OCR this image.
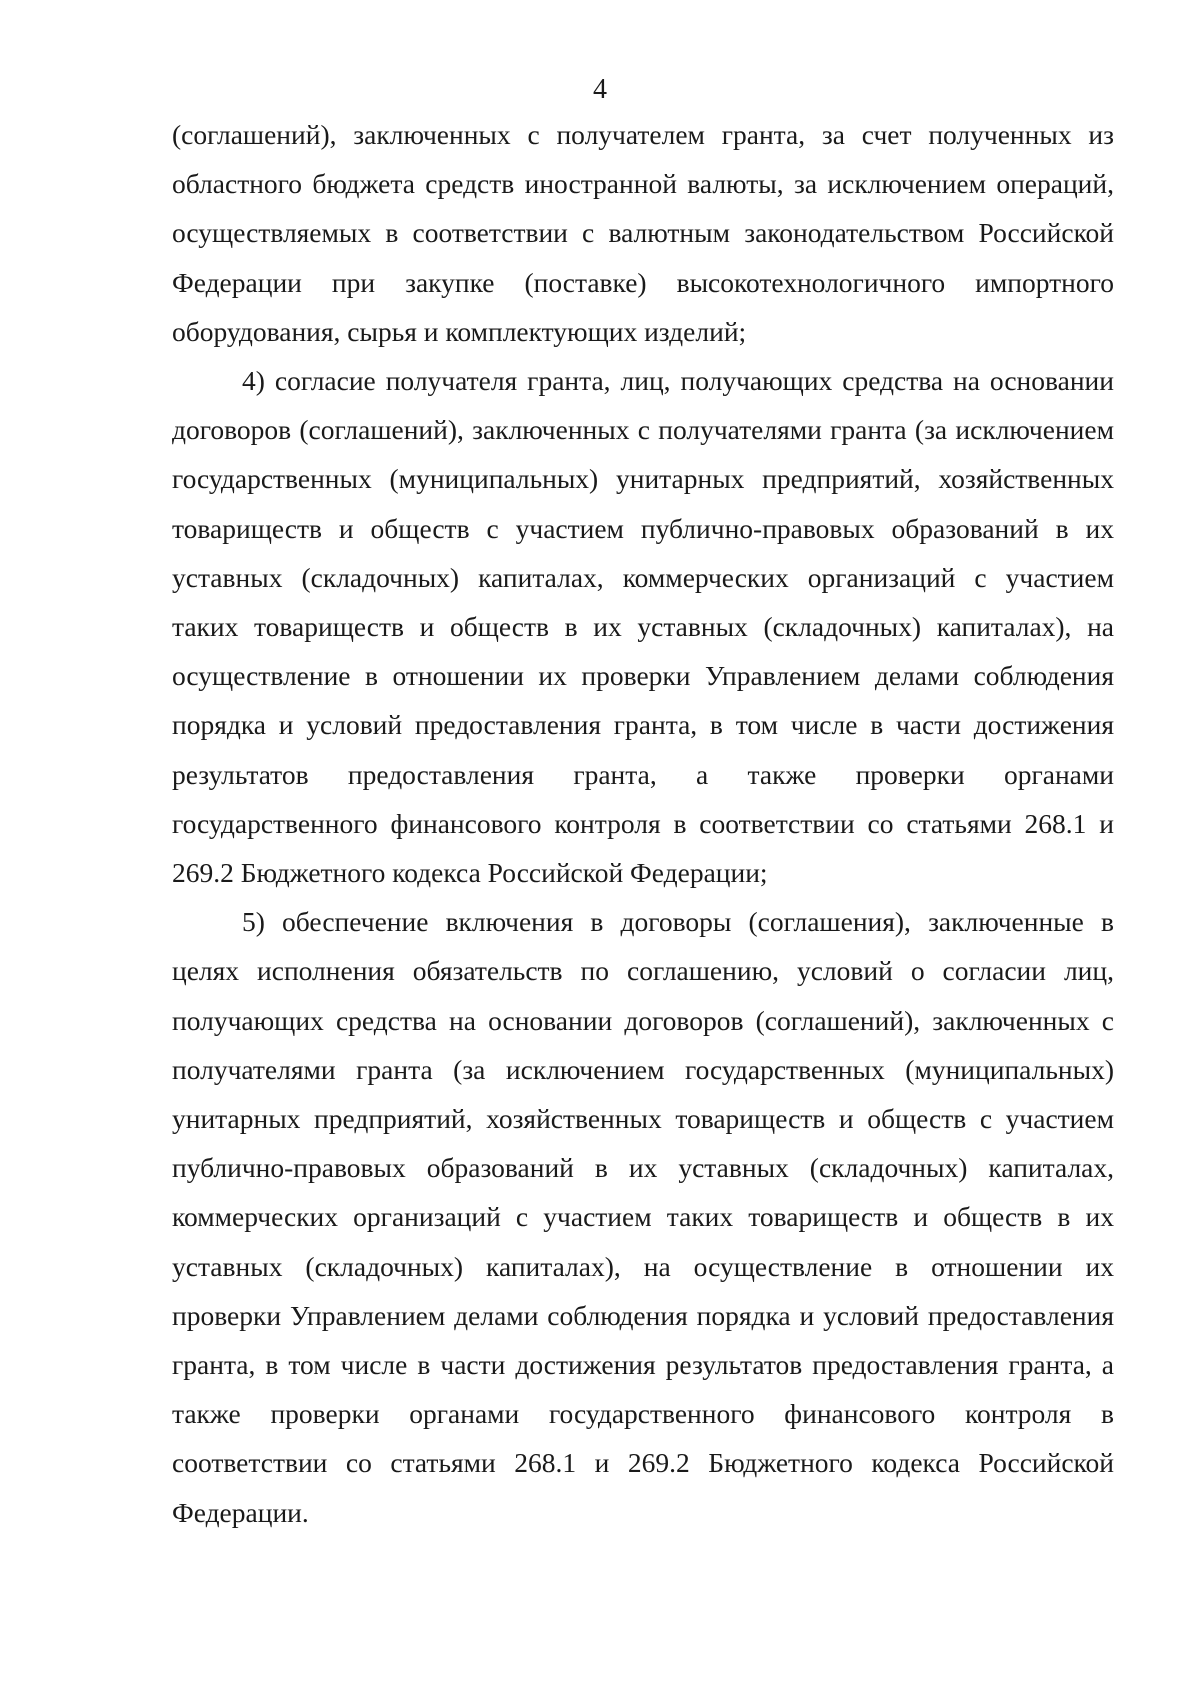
4

(соглашений), заключенных с получателем гранта, за счет полученных из областного бюджета средств иностранной валюты, за исключением операций, осуществляемых в соответствии с валютным законодательством Российской Федерации при закупке (поставке) высокотехнологичного импортного оборудования, сырья и комплектующих изделий;

4) согласие получателя гранта, лиц, получающих средства на основании договоров (соглашений), заключенных с получателями гранта (за исключением государственных (муниципальных) унитарных предприятий, хозяйственных товариществ и обществ с участием публично-правовых образований в их уставных (складочных) капиталах, коммерческих организаций с участием таких товариществ и обществ в их уставных (складочных) капиталах), на осуществление в отношении их проверки Управлением делами соблюдения порядка и условий предоставления гранта, в том числе в части достижения результатов предоставления гранта, а также проверки органами государственного финансового контроля в соответствии со статьями 268.1 и 269.2 Бюджетного кодекса Российской Федерации;

5) обеспечение включения в договоры (соглашения), заключенные в целях исполнения обязательств по соглашению, условий о согласии лиц, получающих средства на основании договоров (соглашений), заключенных с получателями гранта (за исключением государственных (муниципальных) унитарных предприятий, хозяйственных товариществ и обществ с участием публично-правовых образований в их уставных (складочных) капиталах, коммерческих организаций с участием таких товариществ и обществ в их уставных (складочных) капиталах), на осуществление в отношении их проверки Управлением делами соблюдения порядка и условий предоставления гранта, в том числе в части достижения результатов предоставления гранта, а также проверки органами государственного финансового контроля в соответствии со статьями 268.1 и 269.2 Бюджетного кодекса Российской Федерации.
